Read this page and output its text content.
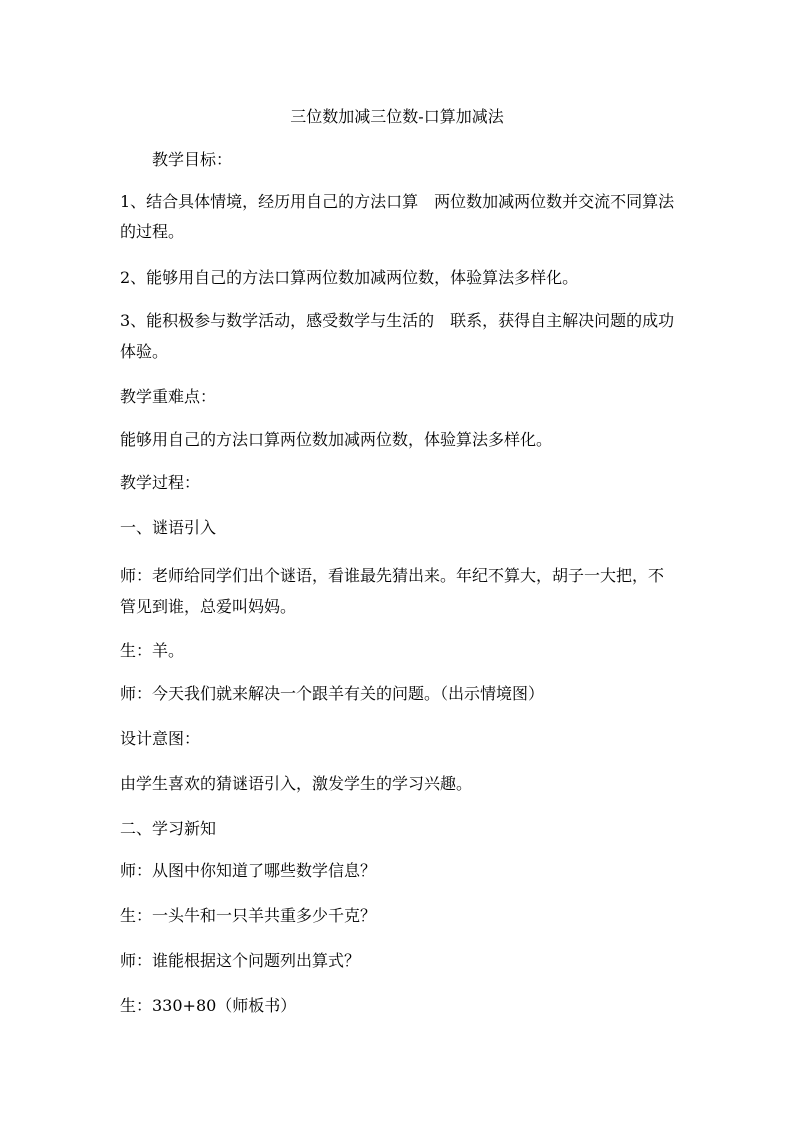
三位数加减三位数-口算加减法
教学目标：
1、结合具体情境，经历用自己的方法口算　两位数加减两位数并交流不同算法
的过程。
2、能够用自己的方法口算两位数加减两位数，体验算法多样化。
3、能积极参与数学活动，感受数学与生活的　联系，获得自主解决问题的成功
体验。
教学重难点：
能够用自己的方法口算两位数加减两位数，体验算法多样化。
教学过程：
一、谜语引入
师：老师给同学们出个谜语，看谁最先猜出来。年纪不算大，胡子一大把，不
管见到谁，总爱叫妈妈。
生：羊。
师：今天我们就来解决一个跟羊有关的问题。（出示情境图）
设计意图：
由学生喜欢的猜谜语引入，激发学生的学习兴趣。
二、学习新知
师：从图中你知道了哪些数学信息？
生：一头牛和一只羊共重多少千克？
师：谁能根据这个问题列出算式？
生：330+80（师板书）
